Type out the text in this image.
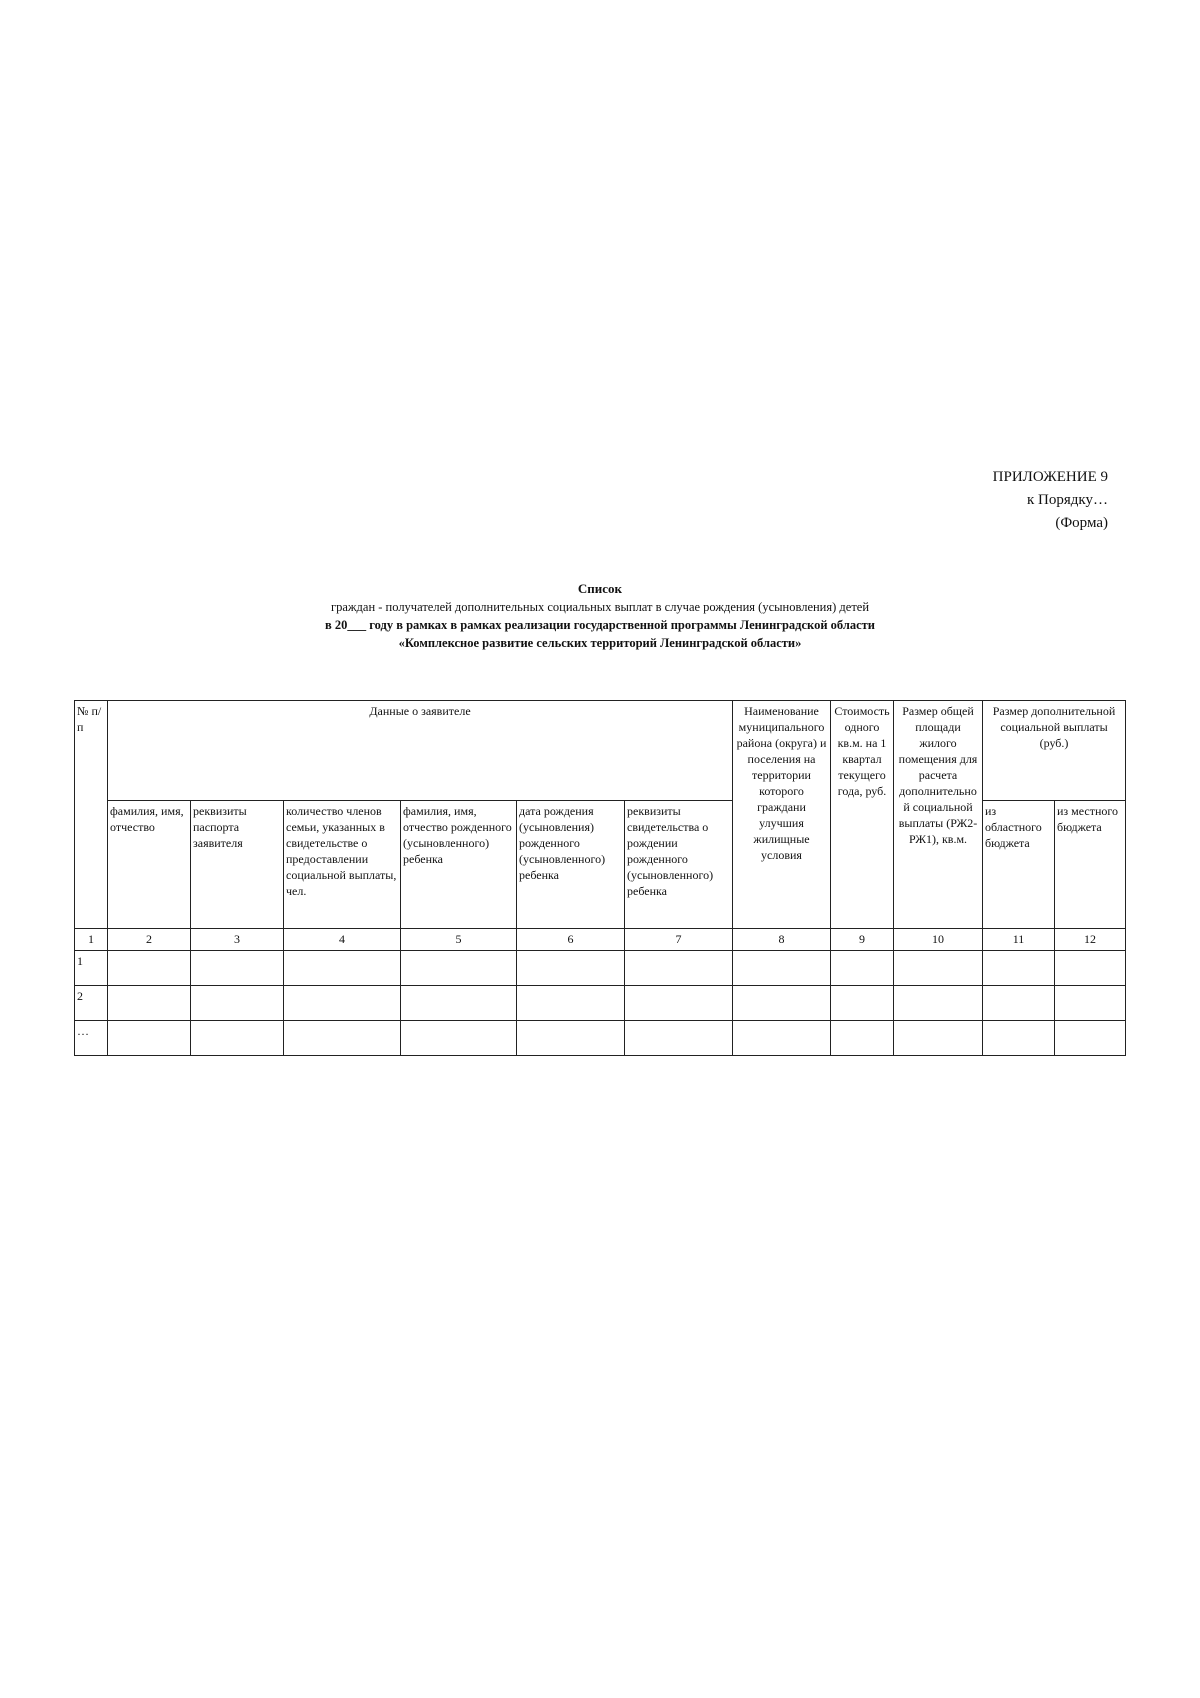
ПРИЛОЖЕНИЕ 9
к Порядку…
(Форма)
Список
граждан - получателей дополнительных социальных выплат в случае рождения (усыновления) детей
в 20___ году в рамках в рамках реализации государственной программы Ленинградской области
«Комплексное развитие сельских территорий Ленинградской области»
№ п/п	Данные о заявителе						Наименование муниципального района (округа) и поселения на территории которого граждани улучшия жилищные условия	Стоимость одного кв.м. на 1 квартал текущего года, руб.	Размер общей площади жилого помещения для расчета дополнительной социальной выплаты (РЖ2-РЖ1), кв.м.	Размер дополнительной социальной выплаты (руб.)	
	фамилия, имя, отчество	реквизиты паспорта заявителя	количество членов семьи, указанных в свидетельстве о предоставлении социальной выплаты, чел.	фамилия, имя, отчество рожденного (усыновленного) ребенка	дата рождения (усыновления) рожденного (усыновленного) ребенка	реквизиты свидетельства о рождении рожденного (усыновленного) ребенка				из областного бюджета	из местного бюджета
1	2	3	4	5	6	7	8	9	10	11	12
1											
2											
…											
